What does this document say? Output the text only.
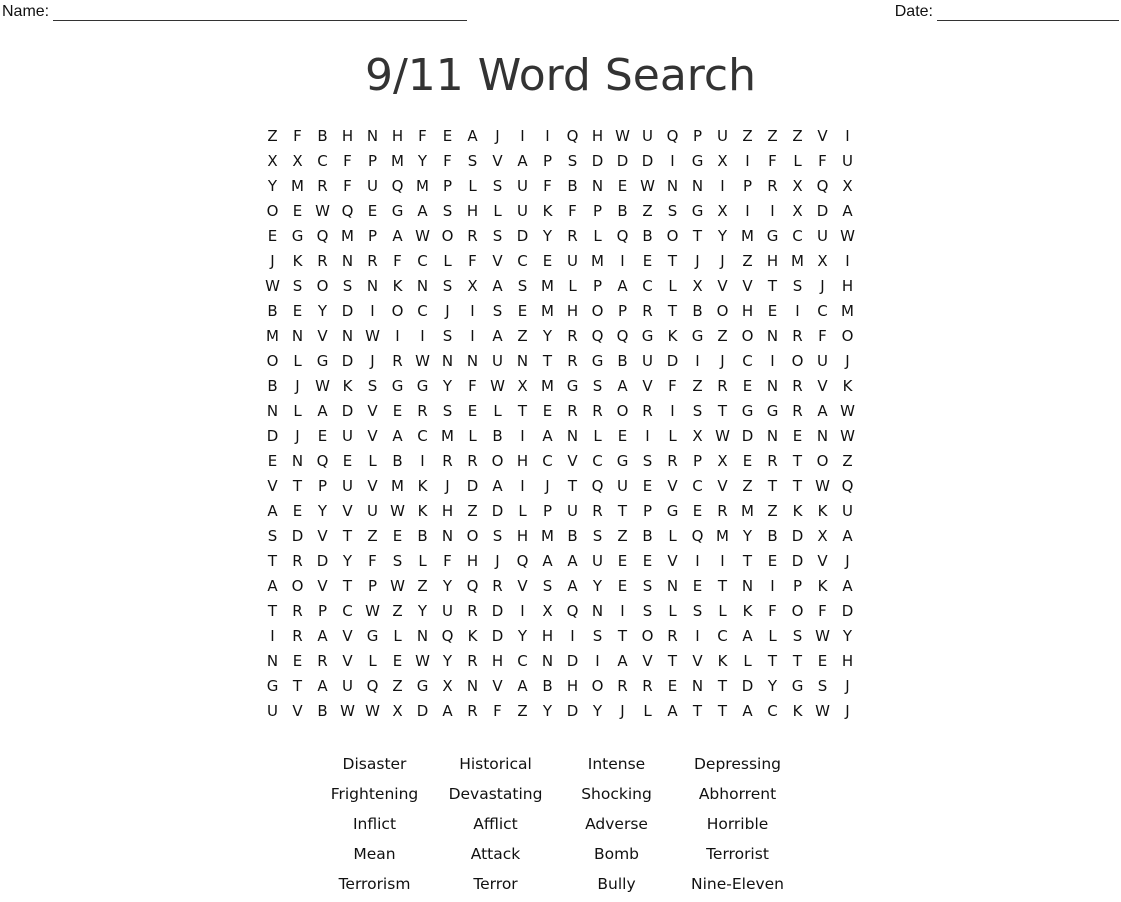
Name:	Date:
9/11 Word Search
Z	F	B H N H	F	E	A	J	I	I	Q H W U Q P U Z Z Z V	I
X X C	F	P M Y	F	S	V A	P	S D D D	I	G X	I	F	L	F	U
Y M R	F	U Q M P	L	S U	F	B N E W N N	I	P	R X Q X
O E W Q E G A	S H	L	U K	F	P	B Z	S G X	I	I	X D A
E G Q M P	A W O R	S D Y	R	L Q B O T	Y M G C U W
J	K R N R	F	C	L	F	V C	E U M	I	E	T	J	J	Z H M X	I
W S O S N K N S	X A	S M L	P	A C	L	X V V	T	S	J	H
B	E	Y D	I	O C	J	I	S	E M H O P	R	T	B O H E	I	C M
M N V N W	I	I	S	I	A Z	Y	R Q Q G K G Z O N R	F O
O L	G D	J	R W N N U N T	R G B U D	I	J	C	I	O U	J
B	J	W K	S G G Y	F W X M G S	A V	F	Z R	E N R V K
N	L	A D V	E	R	S	E	L	T	E	R R O R	I	S	T G G R A W
D	J	E U V A C M L	B	I	A N	L	E	I	L	X W D N E N W
E N Q E	L	B	I	R R O H C V C G S	R	P	X	E	R	T O Z
V	T	P U V M K	J	D A	I	J	T Q U E	V C V Z	T	T W Q
A	E	Y	V U W K H Z D	L	P U R	T	P G E	R M Z K	K U
S D V	T	Z	E	B N O S H M B	S	Z B	L Q M Y	B D X A
T	R D Y	F	S	L	F	H	J	Q A A U E	E	V	I	I	T	E D V	J
A O V	T	P W Z	Y Q R V	S	A	Y	E	S N E	T N	I	P	K A
T	R	P	C W Z	Y U R D	I	X Q N	I	S	L	S	L	K	F O F D
I	R A V G	L	N Q K D Y H	I	S	T O R	I	C A	L	S W Y
N E	R V	L	E W Y	R H C N D	I	A V	T	V K	L	T	T	E H
G T	A U Q Z G X N V A B H O R R	E N T D Y G S	J
U V B W W X D A R	F	Z	Y D Y	J	L	A	T	T	A C K W	J
Disaster	Historical	Intense	Depressing
Frightening	Devastating	Shocking	Abhorrent
Inflict	Afflict	Adverse	Horrible
Mean	Attack	Bomb	Terrorist
Terrorism	Terror	Bully	Nine-Eleven
